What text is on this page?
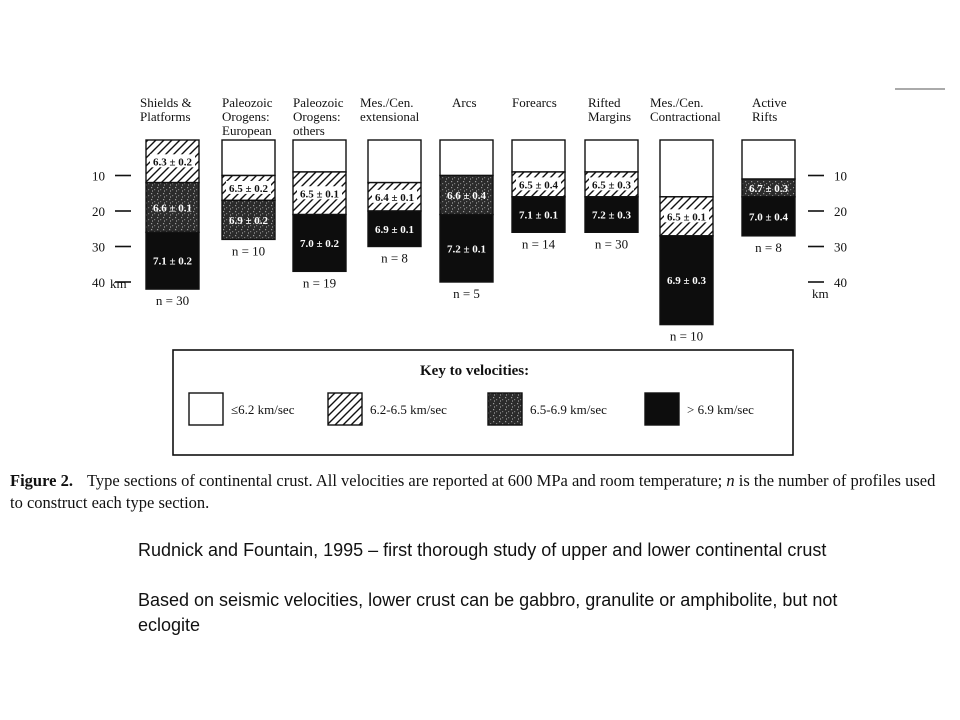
Shields &
Platforms
6.3 ± 0.2
6.6 ± 0.1
7.1 ± 0.2
n = 30
Paleozoic
Orogens:
European
6.5 ± 0.2
6.9 ± 0.2
n = 10
Paleozoic
Orogens:
others
6.5 ± 0.1
7.0 ± 0.2
n = 19
Mes./Cen.
extensional
6.4 ± 0.1
6.9 ± 0.1
n = 8
Arcs
6.6 ± 0.4
7.2 ± 0.1
n = 5
Forearcs
6.5 ± 0.4
7.1 ± 0.1
n = 14
Rifted
Margins
6.5 ± 0.3
7.2 ± 0.3
n = 30
Mes./Cen.
Contractional
6.5 ± 0.1
6.9 ± 0.3
n = 10
Active
Rifts
6.7 ± 0.3
7.0 ± 0.4
n = 8
10	10
20	20
30	30
40	40
km
km
Key to velocities:
≤6.2 km/sec	6.2-6.5 km/sec	6.5-6.9 km/sec	> 6.9 km/sec
Figure 2. Type sections of continental crust. All velocities are reported at 600 MPa and room temperature; n is the number of profiles used to construct each type section.

Rudnick and Fountain, 1995 – first thorough study of upper and lower continental crust

Based on seismic velocities, lower crust can be gabbro, granulite or amphibolite, but not eclogite
